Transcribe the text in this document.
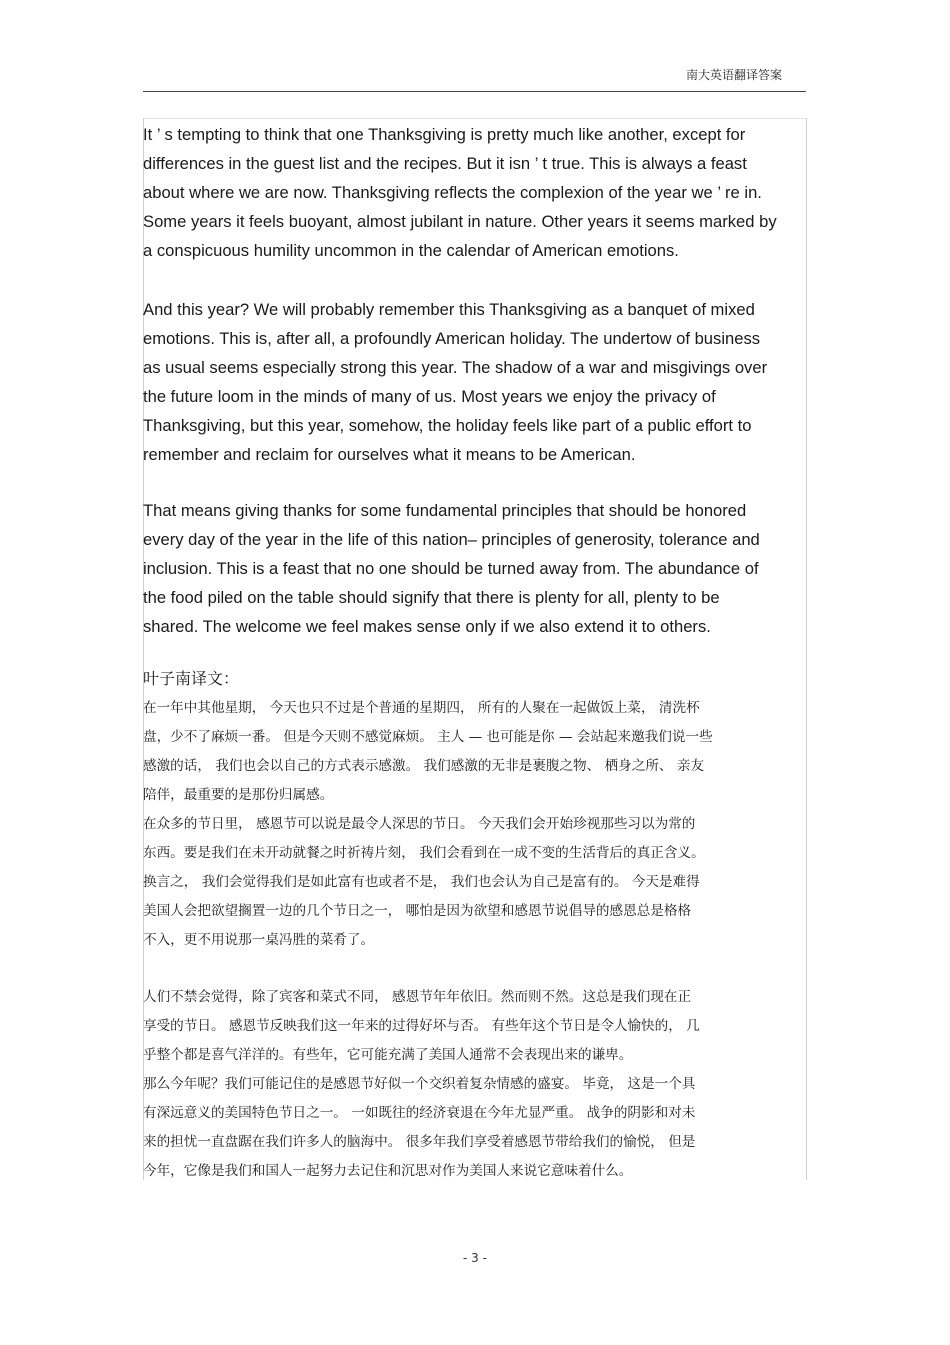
南大英语翻译答案

It ’ s tempting to think that one Thanksgiving is pretty much like another, except for
differences in the guest list and the recipes. But it isn ’ t true. This is always a feast
about where we are now. Thanksgiving reflects the complexion of the year we ’ re in.
Some years it feels buoyant, almost jubilant in nature. Other years it seems marked by
a conspicuous humility uncommon in the calendar of American emotions.

And this year? We will probably remember this Thanksgiving as a banquet of mixed
emotions. This is, after all, a profoundly American holiday. The undertow of business
as usual seems especially strong this year. The shadow of a war and misgivings over
the future loom in the minds of many of us. Most years we enjoy the privacy of
Thanksgiving, but this year, somehow, the holiday feels like part of a public effort to
remember and reclaim for ourselves what it means to be American.

That means giving thanks for some fundamental principles that should be honored
every day of the year in the life of this nation– principles of generosity, tolerance and
inclusion. This is a feast that no one should be turned away from. The abundance of
the food piled on the table should signify that there is plenty for all, plenty to be
shared. The welcome we feel makes sense only if we also extend it to others.

叶子南译文：

在一年中其他星期， 今天也只不过是个普通的星期四， 所有的人聚在一起做饭上菜， 清洗杯
盘，少不了麻烦一番。 但是今天则不感觉麻烦。 主人 — 也可能是你 — 会站起来邀我们说一些
感激的话， 我们也会以自己的方式表示感激。 我们感激的无非是裹腹之物、 栖身之所、 亲友
陪伴，最重要的是那份归属感。

在众多的节日里， 感恩节可以说是最令人深思的节日。 今天我们会开始珍视那些习以为常的
东西。要是我们在未开动就餐之时祈祷片刻， 我们会看到在一成不变的生活背后的真正含义。
换言之， 我们会觉得我们是如此富有也或者不是， 我们也会认为自己是富有的。 今天是难得
美国人会把欲望搁置一边的几个节日之一， 哪怕是因为欲望和感恩节说倡导的感恩总是格格
不入，更不用说那一桌冯胜的菜肴了。

人们不禁会觉得，除了宾客和菜式不同， 感恩节年年依旧。然而则不然。这总是我们现在正
享受的节日。 感恩节反映我们这一年来的过得好坏与否。 有些年这个节日是令人愉快的， 几
乎整个都是喜气洋洋的。有些年，它可能充满了美国人通常不会表现出来的谦卑。

那么今年呢？我们可能记住的是感恩节好似一个交织着复杂情感的盛宴。 毕竟， 这是一个具
有深远意义的美国特色节日之一。 一如既往的经济衰退在今年尤显严重。 战争的阴影和对未
来的担忧一直盘踞在我们许多人的脑海中。 很多年我们享受着感恩节带给我们的愉悦， 但是
今年，它像是我们和国人一起努力去记住和沉思对作为美国人来说它意味着什么。

- 3 -
